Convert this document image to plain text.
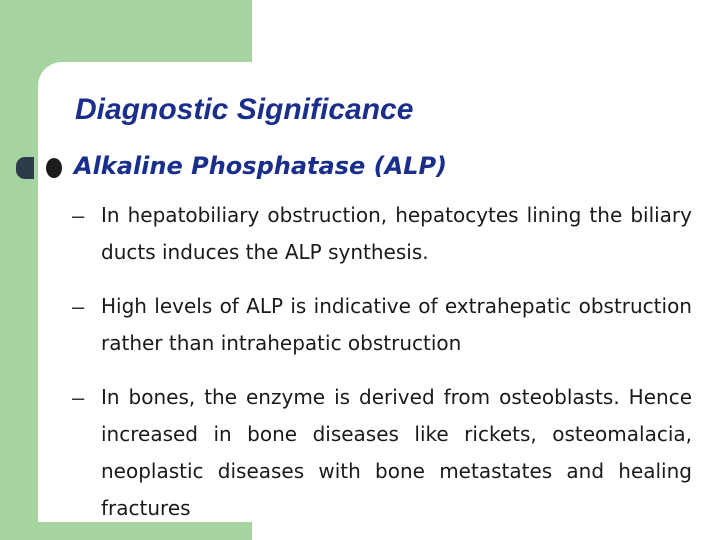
Diagnostic Significance
Alkaline Phosphatase (ALP)
– In hepatobiliary obstruction, hepatocytes lining the biliary ducts induces the ALP synthesis.
– High levels of ALP is indicative of extrahepatic obstruction rather than intrahepatic obstruction
– In bones, the enzyme is derived from osteoblasts. Hence increased in bone diseases like rickets, osteomalacia, neoplastic diseases with bone metastates and healing fractures
